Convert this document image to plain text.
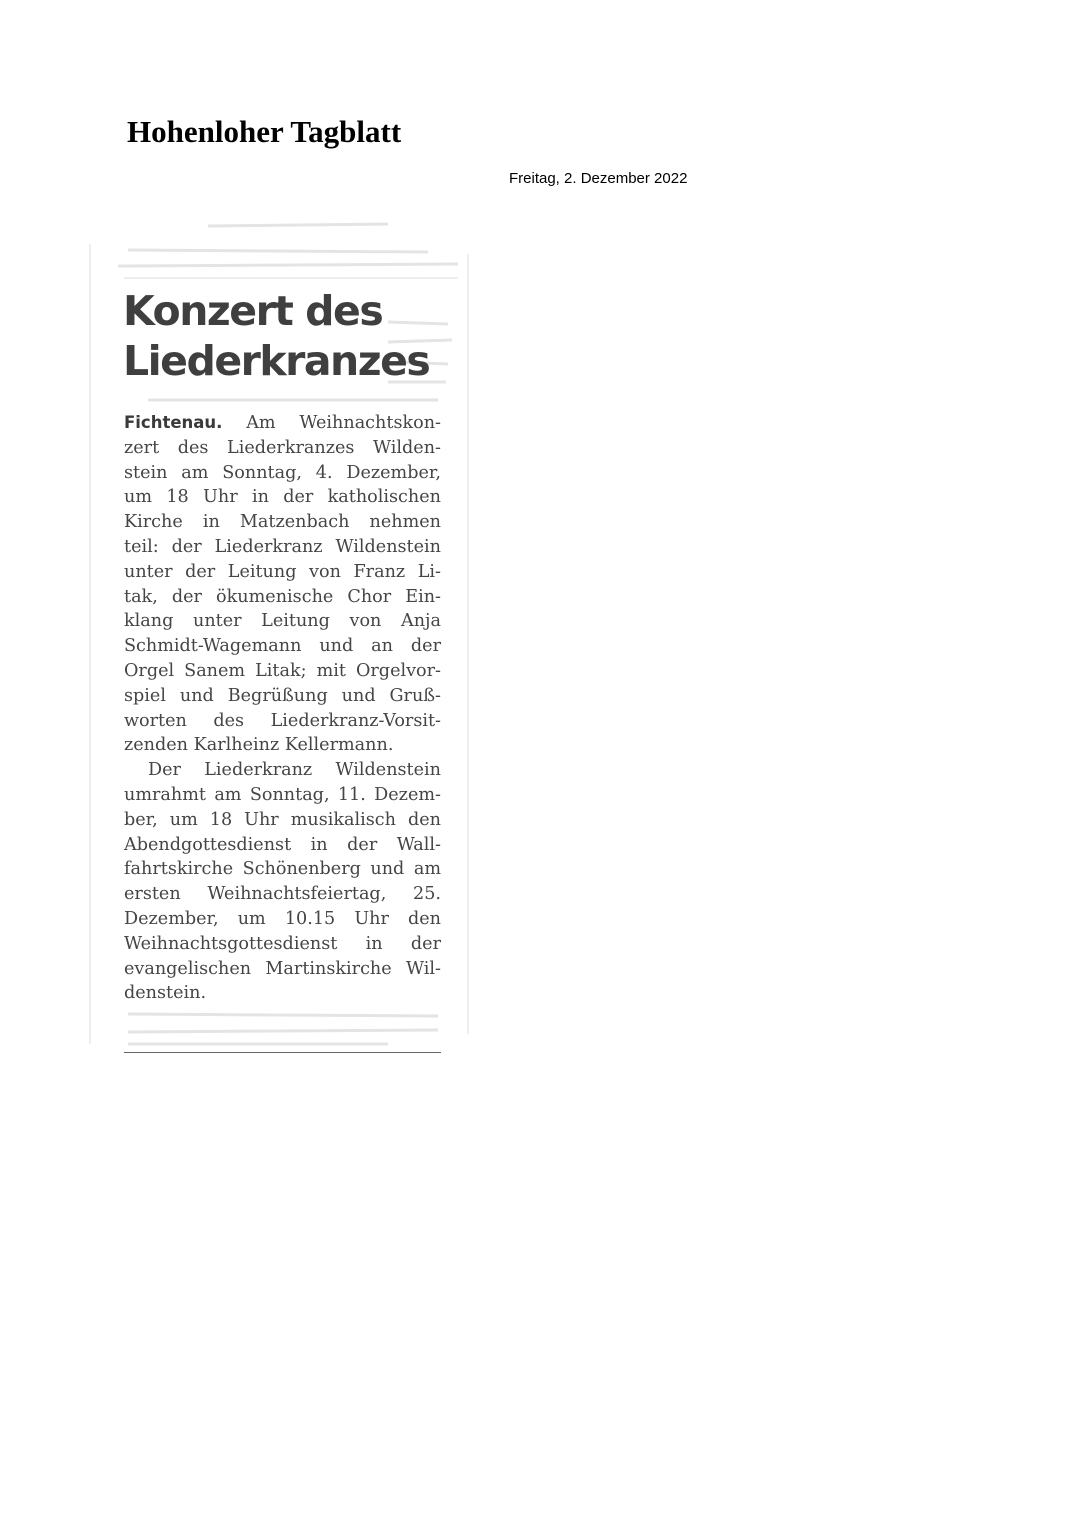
Hohenloher Tagblatt
Freitag, 2. Dezember 2022
Konzert des
Liederkranzes
Fichtenau. Am Weihnachtskon-
zert des Liederkranzes Wilden-
stein am Sonntag, 4. Dezember,
um 18 Uhr in der katholischen
Kirche in Matzenbach nehmen
teil: der Liederkranz Wildenstein
unter der Leitung von Franz Li-
tak, der ökumenische Chor Ein-
klang unter Leitung von Anja
Schmidt-Wagemann und an der
Orgel Sanem Litak; mit Orgelvor-
spiel und Begrüßung und Gruß-
worten des Liederkranz-Vorsit-
zenden Karlheinz Kellermann.
Der Liederkranz Wildenstein
umrahmt am Sonntag, 11. Dezem-
ber, um 18 Uhr musikalisch den
Abendgottesdienst in der Wall-
fahrtskirche Schönenberg und am
ersten Weihnachtsfeiertag, 25.
Dezember, um 10.15 Uhr den
Weihnachtsgottesdienst in der
evangelischen Martinskirche Wil-
denstein.
